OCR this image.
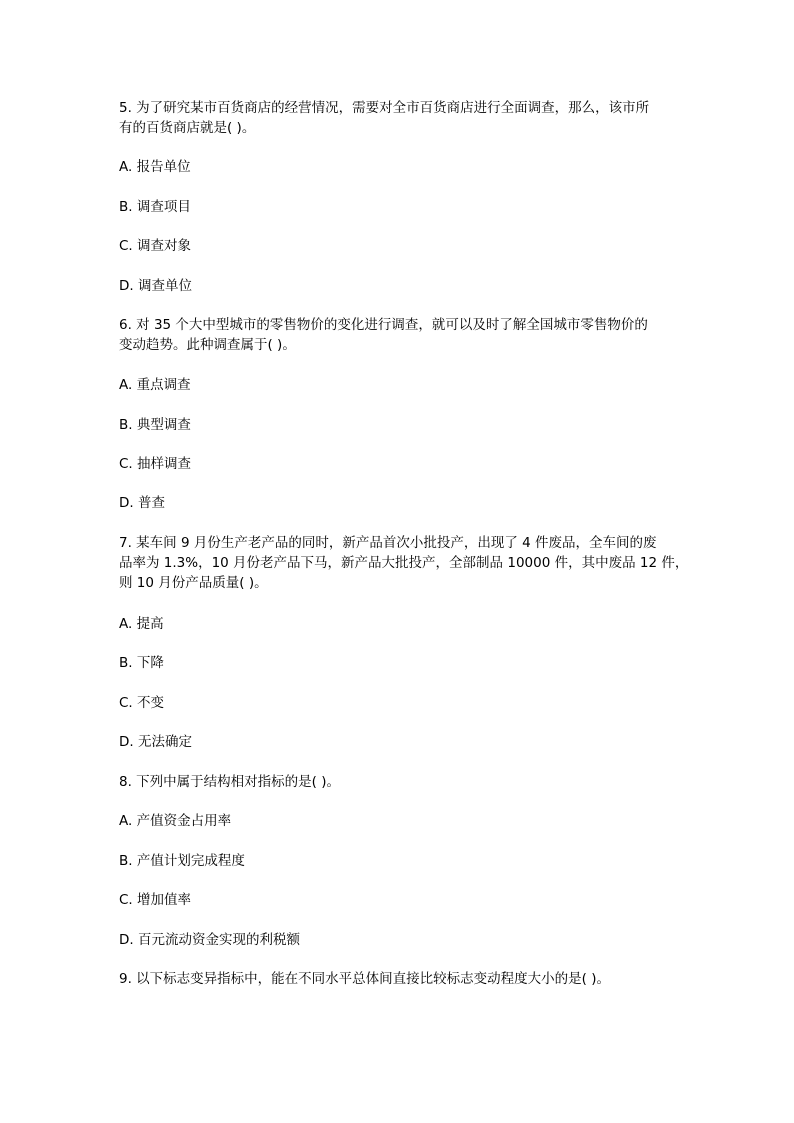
5. 为了研究某市百货商店的经营情况，需要对全市百货商店进行全面调查，那么，该市所
有的百货商店就是( )。
A. 报告单位
B. 调查项目
C. 调查对象
D. 调查单位
6. 对 35 个大中型城市的零售物价的变化进行调查，就可以及时了解全国城市零售物价的
变动趋势。此种调查属于( )。
A. 重点调查
B. 典型调查
C. 抽样调查
D. 普查
7. 某车间 9 月份生产老产品的同时，新产品首次小批投产，出现了 4 件废品，全车间的废
品率为 1.3%，10 月份老产品下马，新产品大批投产，全部制品 10000 件，其中废品 12 件，
则 10 月份产品质量( )。
A. 提高
B. 下降
C. 不变
D. 无法确定
8. 下列中属于结构相对指标的是( )。
A. 产值资金占用率
B. 产值计划完成程度
C. 增加值率
D. 百元流动资金实现的利税额
9. 以下标志变异指标中，能在不同水平总体间直接比较标志变动程度大小的是( )。
